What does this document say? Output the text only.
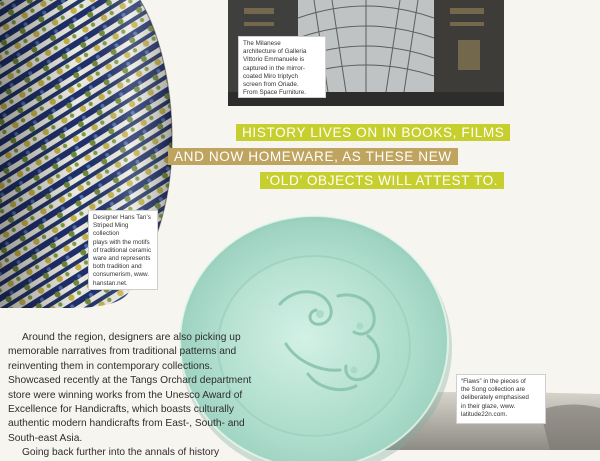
The Milanese
architecture of Galleria
Vittorio Emmanuele is
captured in the mirror-
coated Miro triptych
screen from Oriade.
From Space Furniture.
Designer Hans Tan’s
Striped Ming collection
plays with the motifs
of traditional ceramic
ware and represents
both tradition and
consumerism, www.
hanstan.net.
HISTORY LIVES ON IN BOOKS, FILMS
AND NOW HOMEWARE, AS THESE NEW
‘OLD’ OBJECTS WILL ATTEST TO.
“Flaws” in the pieces of
the Song collection are
deliberately emphasised
in their glaze, www.
latitude22n.com.

Around the region, designers are also picking up memorable narratives from traditional patterns and reinventing them in contemporary collections. Showcased recently at the Tangs Orchard department store were winning works from the Unesco Award of Excellence for Handicrafts, which boasts culturally authentic modern handicrafts from East-, South- and South-east Asia.

Going back further into the annals of history
